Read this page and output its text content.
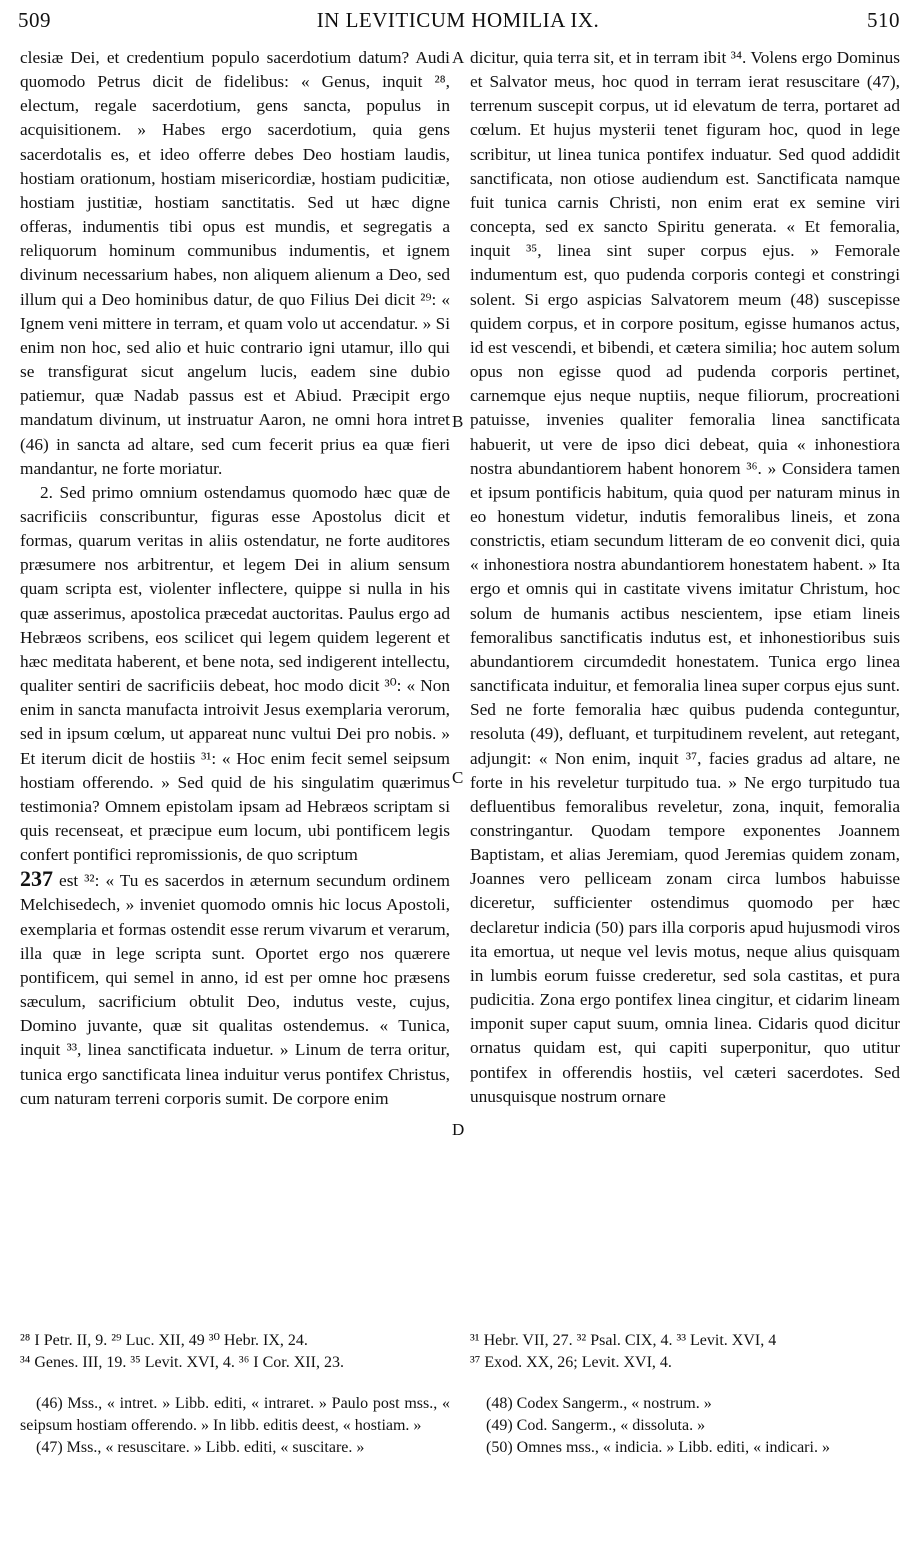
509	IN LEVITICUM HOMILIA IX.	510

clesiæ Dei, et credentium populo sacerdotium datum? Audi quomodo Petrus dicit de fidelibus: « Genus, inquit ²⁸, electum, regale sacerdotium, gens sancta, populus in acquisitionem. » Habes ergo sacerdotium, quia gens sacerdotalis es, et ideo offerre debes Deo hostiam laudis, hostiam orationum, hostiam misericordiæ, hostiam pudicitiæ, hostiam justitiæ, hostiam sanctitatis. Sed ut hæc digne offeras, indumentis tibi opus est mundis, et segregatis a reliquorum hominum communibus indumentis, et ignem divinum necessarium habes, non aliquem alienum a Deo, sed illum qui a Deo hominibus datur, de quo Filius Dei dicit ²⁹: « Ignem veni mittere in terram, et quam volo ut accendatur. » Si enim non hoc, sed alio et huic contrario igni utamur, illo qui se transfigurat sicut angelum lucis, eadem sine dubio patiemur, quæ Nadab passus est et Abiud. Præcipit ergo mandatum divinum, ut instruatur Aaron, ne omni hora intret (46) in sancta ad altare, sed cum fecerit prius ea quæ fieri mandantur, ne forte moriatur.

2. Sed primo omnium ostendamus quomodo hæc quæ de sacrificiis conscribuntur, figuras esse Apostolus dicit et formas, quarum veritas in aliis ostendatur, ne forte auditores præsumere nos arbitrentur, et legem Dei in alium sensum quam scripta est, violenter inflectere, quippe si nulla in his quæ asserimus, apostolica præcedat auctoritas. Paulus ergo ad Hebræos scribens, eos scilicet qui legem quidem legerent et hæc meditata haberent, et bene nota, sed indigerent intellectu, qualiter sentiri de sacrificiis debeat, hoc modo dicit ³⁰: « Non enim in sancta manufacta introivit Jesus exemplaria verorum, sed in ipsum cœlum, ut appareat nunc vultui Dei pro nobis. » Et iterum dicit de hostiis ³¹: « Hoc enim fecit semel seipsum hostiam offerendo. » Sed quid de his singulatim quærimus testimonia? Omnem epistolam ipsam ad Hebræos scriptam si quis recenseat, et præcipue eum locum, ubi pontificem legis confert pontifici repromissionis, de quo scriptum

237 est ³²: « Tu es sacerdos in æternum secundum ordinem Melchisedech, » inveniet quomodo omnis hic locus Apostoli, exemplaria et formas ostendit esse rerum vivarum et verarum, illa quæ in lege scripta sunt. Oportet ergo nos quærere pontificem, qui semel in anno, id est per omne hoc præsens sæculum, sacrificium obtulit Deo, indutus veste, cujus, Domino juvante, quæ sit qualitas ostendemus. « Tunica, inquit ³³, linea sanctificata induetur. » Linum de terra oritur, tunica ergo sanctificata linea induitur verus pontifex Christus, cum naturam terreni corporis sumit. De corpore enim

dicitur, quia terra sit, et in terram ibit ³⁴. Volens ergo Dominus et Salvator meus, hoc quod in terram ierat resuscitare (47), terrenum suscepit corpus, ut id elevatum de terra, portaret ad cœlum. Et hujus mysterii tenet figuram hoc, quod in lege scribitur, ut linea tunica pontifex induatur. Sed quod addidit sanctificata, non otiose audiendum est. Sanctificata namque fuit tunica carnis Christi, non enim erat ex semine viri concepta, sed ex sancto Spiritu generata. « Et femoralia, inquit ³⁵, linea sint super corpus ejus. » Femorale indumentum est, quo pudenda corporis contegi et constringi solent. Si ergo aspicias Salvatorem meum (48) suscepisse quidem corpus, et in corpore positum, egisse humanos actus, id est vescendi, et bibendi, et cætera similia; hoc autem solum opus non egisse quod ad pudenda corporis pertinet, carnemque ejus neque nuptiis, neque filiorum, procreationi patuisse, invenies qualiter femoralia linea sanctificata habuerit, ut vere de ipso dici debeat, quia « inhonestiora nostra abundantiorem habent honorem ³⁶. » Considera tamen et ipsum pontificis habitum, quia quod per naturam minus in eo honestum videtur, indutis femoralibus lineis, et zona constrictis, etiam secundum litteram de eo convenit dici, quia « inhonestiora nostra abundantiorem honestatem habent. » Ita ergo et omnis qui in castitate vivens imitatur Christum, hoc solum de humanis actibus nescientem, ipse etiam lineis femoralibus sanctificatis indutus est, et inhonestioribus suis abundantiorem circumdedit honestatem. Tunica ergo linea sanctificata induitur, et femoralia linea super corpus ejus sunt. Sed ne forte femoralia hæc quibus pudenda conteguntur, resoluta (49), defluant, et turpitudinem revelent, aut retegant, adjungit: « Non enim, inquit ³⁷, facies gradus ad altare, ne forte in his reveletur turpitudo tua. » Ne ergo turpitudo tua defluentibus femoralibus reveletur, zona, inquit, femoralia constringantur. Quodam tempore exponentes Joannem Baptistam, et alias Jeremiam, quod Jeremias quidem zonam, Joannes vero pelliceam zonam circa lumbos habuisse diceretur, sufficienter ostendimus quomodo per hæc declaretur indicia (50) pars illa corporis apud hujusmodi viros ita emortua, ut neque vel levis motus, neque alius quisquam in lumbis eorum fuisse crederetur, sed sola castitas, et pura pudicitia. Zona ergo pontifex linea cingitur, et cidarim lineam imponit super caput suum, omnia linea. Cidaris quod dicitur ornatus quidam est, qui capiti superponitur, quo utitur pontifex in offerendis hostiis, vel cæteri sacerdotes. Sed unusquisque nostrum ornare

A
B
C
D

²⁸ I Petr. II, 9. ²⁹ Luc. XII, 49 ³⁰ Hebr. IX, 24.

³⁴ Genes. III, 19. ³⁵ Levit. XVI, 4. ³⁶ I Cor. XII, 23.

³¹ Hebr. VII, 27. ³² Psal. CIX, 4. ³³ Levit. XVI, 4

³⁷ Exod. XX, 26; Levit. XVI, 4.

(46) Mss., « intret. » Libb. editi, « intraret. » Paulo post mss., « seipsum hostiam offerendo. » In libb. editis deest, « hostiam. »

(47) Mss., « resuscitare. » Libb. editi, « suscitare. »

(48) Codex Sangerm., « nostrum. »

(49) Cod. Sangerm., « dissoluta. »

(50) Omnes mss., « indicia. » Libb. editi, « indicari. »
